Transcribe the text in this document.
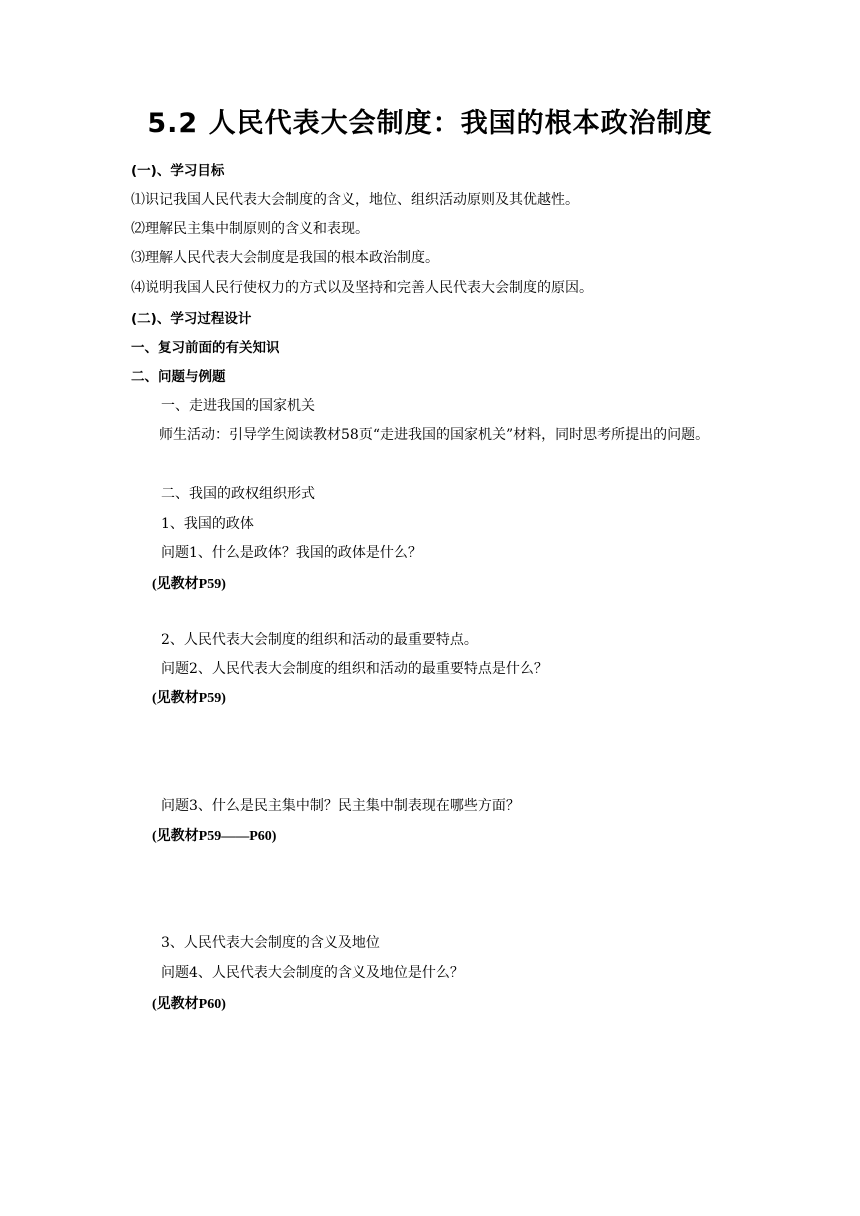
5.2 人民代表大会制度：我国的根本政治制度

(一)、学习目标

⑴识记我国人民代表大会制度的含义，地位、组织活动原则及其优越性。

⑵理解民主集中制原则的含义和表现。

⑶理解人民代表大会制度是我国的根本政治制度。

⑷说明我国人民行使权力的方式以及坚持和完善人民代表大会制度的原因。

(二)、学习过程设计

一、复习前面的有关知识

二、问题与例题

一、走进我国的国家机关

师生活动：引导学生阅读教材58页“走进我国的国家机关”材料，同时思考所提出的问题。

二、我国的政权组织形式

1、我国的政体

问题1、什么是政体？我国的政体是什么？

(见教材P59)

2、人民代表大会制度的组织和活动的最重要特点。

问题2、人民代表大会制度的组织和活动的最重要特点是什么？

(见教材P59)

问题3、什么是民主集中制？民主集中制表现在哪些方面？

(见教材P59——P60)

3、人民代表大会制度的含义及地位

问题4、人民代表大会制度的含义及地位是什么？

(见教材P60)
